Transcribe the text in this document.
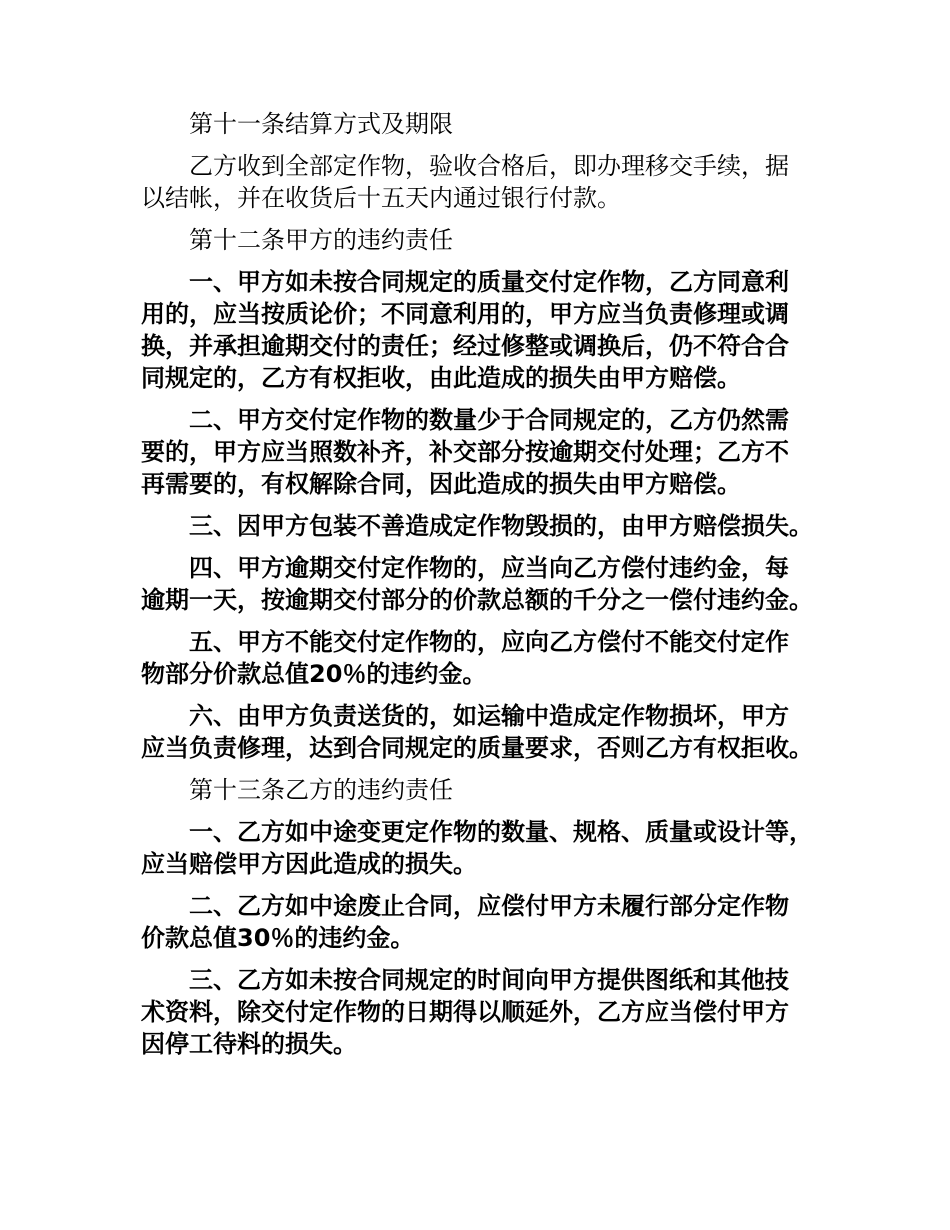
第十一条结算方式及期限
乙方收到全部定作物，验收合格后，即办理移交手续，据
以结帐，并在收货后十五天内通过银行付款。
第十二条甲方的违约责任
一、甲方如未按合同规定的质量交付定作物，乙方同意利
用的，应当按质论价；不同意利用的，甲方应当负责修理或调
换，并承担逾期交付的责任；经过修整或调换后，仍不符合合
同规定的，乙方有权拒收，由此造成的损失由甲方赔偿。
二、甲方交付定作物的数量少于合同规定的，乙方仍然需
要的，甲方应当照数补齐，补交部分按逾期交付处理；乙方不
再需要的，有权解除合同，因此造成的损失由甲方赔偿。
三、因甲方包装不善造成定作物毁损的，由甲方赔偿损失。
四、甲方逾期交付定作物的，应当向乙方偿付违约金，每
逾期一天，按逾期交付部分的价款总额的千分之一偿付违约金。
五、甲方不能交付定作物的，应向乙方偿付不能交付定作
物部分价款总值20％的违约金。
六、由甲方负责送货的，如运输中造成定作物损坏，甲方
应当负责修理，达到合同规定的质量要求，否则乙方有权拒收。
第十三条乙方的违约责任
一、乙方如中途变更定作物的数量、规格、质量或设计等，
应当赔偿甲方因此造成的损失。
二、乙方如中途废止合同，应偿付甲方未履行部分定作物
价款总值30％的违约金。
三、乙方如未按合同规定的时间向甲方提供图纸和其他技
术资料，除交付定作物的日期得以顺延外，乙方应当偿付甲方
因停工待料的损失。
